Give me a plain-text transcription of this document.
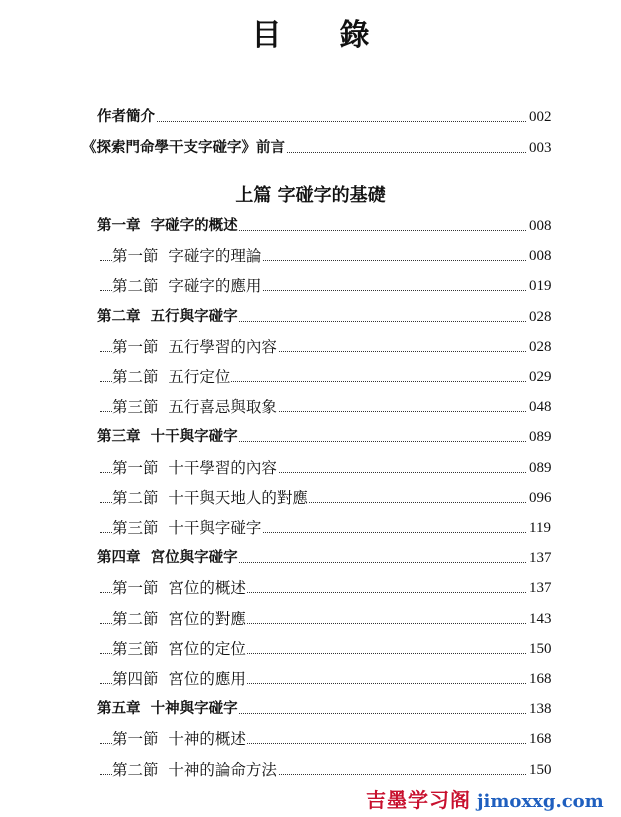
目錄
作者簡介	002
《探索門命學干支字碰字》前言	003
上篇 字碰字的基礎
第一章  字碰字的概述	008
第一節  字碰字的理論	008
第二節  字碰字的應用	019
第二章  五行與字碰字	028
第一節  五行學習的內容	028
第二節  五行定位	029
第三節  五行喜忌與取象	048
第三章  十干與字碰字	089
第一節  十干學習的內容	089
第二節  十干與天地人的對應	096
第三節  十干與字碰字	119
第四章  宮位與字碰字	137
第一節  宮位的概述	137
第二節  宮位的對應	143
第三節  宮位的定位	150
第四節  宮位的應用	168
第五章  十神與字碰字	138
第一節  十神的概述	168
第二節  十神的論命方法	150
吉墨学习阁 jimoxxg.com
